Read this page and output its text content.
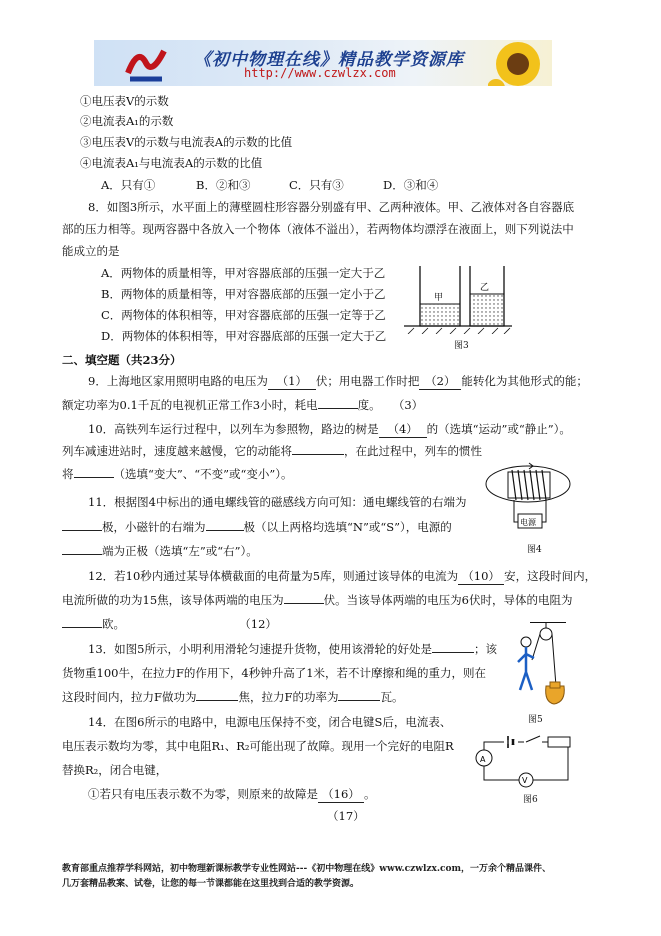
《初中物理在线》精品教学资源库
http://www.czwlzx.com
①电压表V的示数
②电流表A₁的示数
③电压表V的示数与电流表A的示数的比值
④电流表A₁与电流表A的示数的比值
A．只有①	B．②和③	C．只有③	D．③和④
8．如图3所示，水平面上的薄壁圆柱形容器分别盛有甲、乙两种液体。甲、乙液体对各自容器底
部的压力相等。现两容器中各放入一个物体（液体不溢出），若两物体均漂浮在液面上，则下列说法中
能成立的是
A．两物体的质量相等，甲对容器底部的压强一定大于乙
B．两物体的质量相等，甲对容器底部的压强一定小于乙
C．两物体的体积相等，甲对容器底部的压强一定等于乙
D．两物体的体积相等，甲对容器底部的压强一定大于乙
甲
乙
图3
二、填空题（共23分）
9．上海地区家用照明电路的电压为 （1） 伏；用电器工作时把 （2） 能转化为其他形式的能；
额定功率为0.1千瓦的电视机正常工作3小时，耗电	度。 （3）
10．高铁列车运行过程中，以列车为参照物，路边的树是 （4） 的（选填“运动”或“静止”）。
列车减速进站时，速度越来越慢，它的动能将	，在此过程中，列车的惯性
将	（选填“变大”、“不变”或“变小”）。
11．根据图4中标出的通电螺线管的磁感线方向可知：通电螺线管的右端为
极，小磁针的右端为	极（以上两格均选填“N”或“S”），电源的
端为正极（选填“左”或“右”）。
电源
图4
12．若10秒内通过某导体横截面的电荷量为5库，则通过该导体的电流为 （10） 安，这段时间内，
电流所做的功为15焦，该导体两端的电压为	伏。当该导体两端的电压为6伏时，导体的电阻为
欧。	（12）
13．如图5所示，小明利用滑轮匀速提升货物，使用该滑轮的好处是	；该
货物重100牛，在拉力F的作用下，4秒钟升高了1米，若不计摩擦和绳的重力，则在
这段时间内，拉力F做功为	焦，拉力F的功率为	瓦。
图5
14．在图6所示的电路中，电源电压保持不变，闭合电键S后，电流表、
电压表示数均为零，其中电阻R₁、R₂可能出现了故障。现用一个完好的电阻R
替换R₂，闭合电键，
①若只有电压表示数不为零，则原来的故障是 （16） 。
（17）
A
V
图6
教育部重点推荐学科网站，初中物理新课标教学专业性网站---《初中物理在线》www.czwlzx.com，一万余个精品课件、
几万套精品教案、试卷，让您的每一节课都能在这里找到合适的教学资源。
